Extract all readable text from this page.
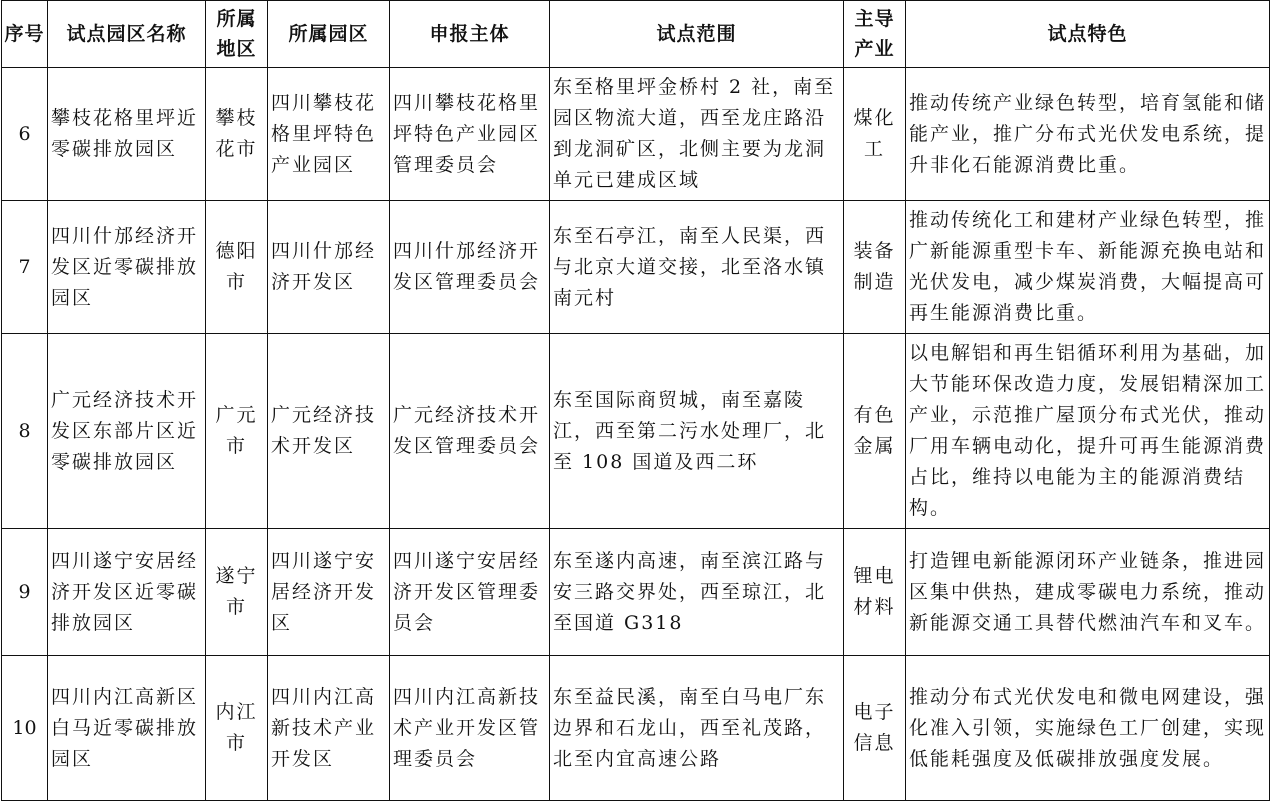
序号	试点园区名称	所属地区	所属园区	申报主体	试点范围	主导产业	试点特色
6	攀枝花格里坪近零碳排放园区	攀枝花市	四川攀枝花格里坪特色产业园区	四川攀枝花格里坪特色产业园区管理委员会	东至格里坪金桥村 2 社，南至园区物流大道，西至龙庄路沿到龙洞矿区，北侧主要为龙洞单元已建成区域	煤化工	推动传统产业绿色转型，培育氢能和储能产业，推广分布式光伏发电系统，提升非化石能源消费比重。
7	四川什邡经济开发区近零碳排放园区	德阳市	四川什邡经济开发区	四川什邡经济开发区管理委员会	东至石亭江，南至人民渠，西与北京大道交接，北至洛水镇南元村	装备制造	推动传统化工和建材产业绿色转型，推广新能源重型卡车、新能源充换电站和光伏发电，减少煤炭消费，大幅提高可再生能源消费比重。
8	广元经济技术开发区东部片区近零碳排放园区	广元市	广元经济技术开发区	广元经济技术开发区管理委员会	东至国际商贸城，南至嘉陵江，西至第二污水处理厂，北至 108 国道及西二环	有色金属	以电解铝和再生铝循环利用为基础，加大节能环保改造力度，发展铝精深加工产业，示范推广屋顶分布式光伏，推动厂用车辆电动化，提升可再生能源消费占比，维持以电能为主的能源消费结构。
9	四川遂宁安居经济开发区近零碳排放园区	遂宁市	四川遂宁安居经济开发区	四川遂宁安居经济开发区管理委员会	东至遂内高速，南至滨江路与安三路交界处，西至琼江，北至国道 G318	锂电材料	打造锂电新能源闭环产业链条，推进园区集中供热，建成零碳电力系统，推动新能源交通工具替代燃油汽车和叉车。
10	四川内江高新区白马近零碳排放园区	内江市	四川内江高新技术产业开发区	四川内江高新技术产业开发区管理委员会	东至益民溪，南至白马电厂东边界和石龙山，西至礼茂路，北至内宜高速公路	电子信息	推动分布式光伏发电和微电网建设，强化准入引领，实施绿色工厂创建，实现低能耗强度及低碳排放强度发展。
